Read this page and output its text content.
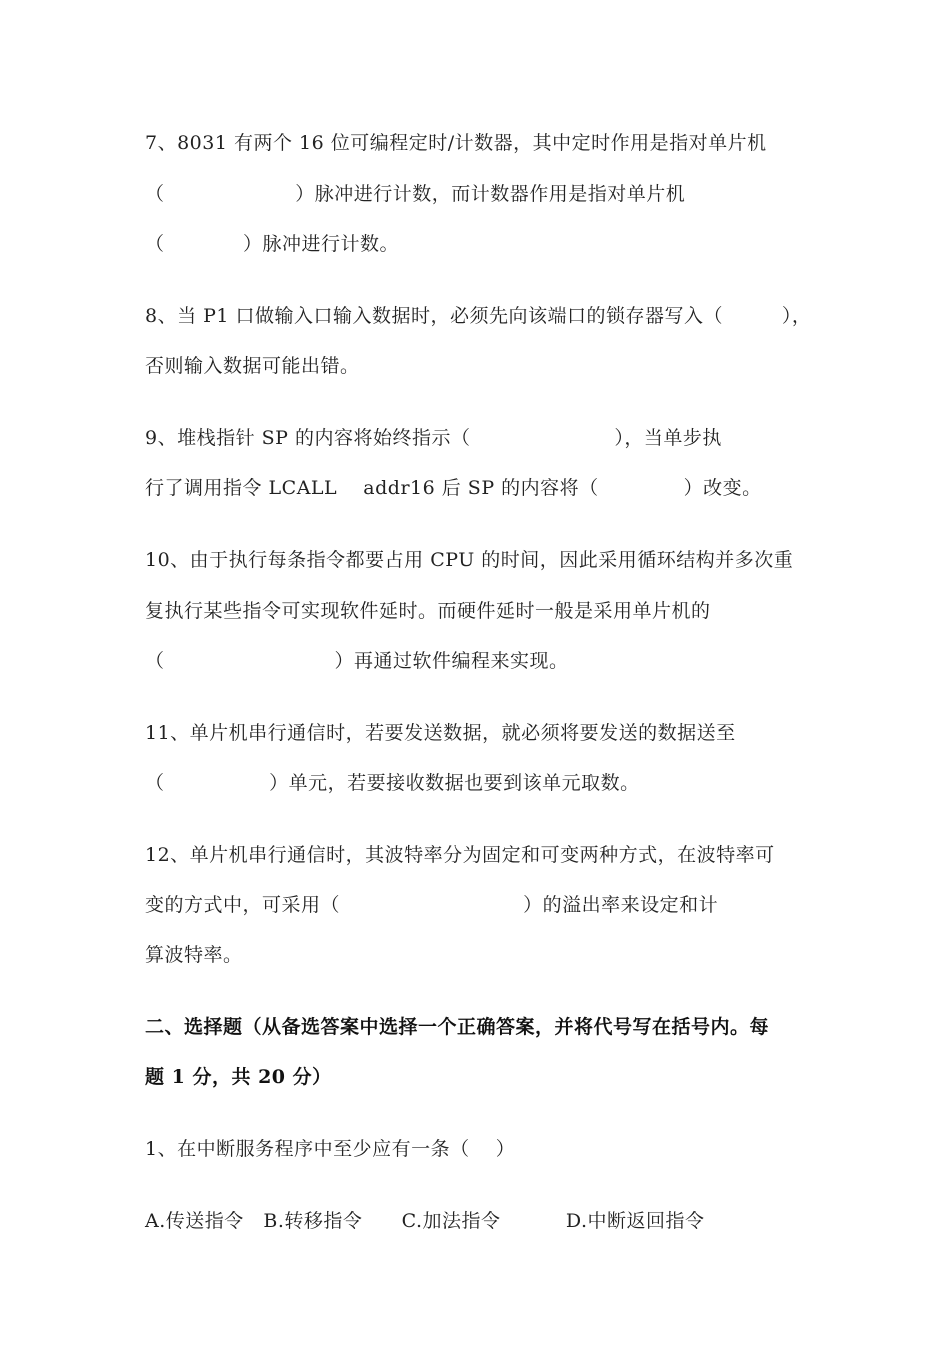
7、8031 有两个 16 位可编程定时/计数器，其中定时作用是指对单片机
（                    ）脉冲进行计数，而计数器作用是指对单片机
（            ）脉冲进行计数。
8、当 P1 口做输入口输入数据时，必须先向该端口的锁存器写入（         ），
否则输入数据可能出错。
9、堆栈指针 SP 的内容将始终指示（                      ），当单步执
行了调用指令 LCALL    addr16 后 SP 的内容将（             ）改变。
10、由于执行每条指令都要占用 CPU 的时间，因此采用循环结构并多次重
复执行某些指令可实现软件延时。而硬件延时一般是采用单片机的
（                          ）再通过软件编程来实现。
11、单片机串行通信时，若要发送数据，就必须将要发送的数据送至
（                ）单元，若要接收数据也要到该单元取数。
12、单片机串行通信时，其波特率分为固定和可变两种方式，在波特率可
变的方式中，可采用（                            ）的溢出率来设定和计
算波特率。
二、选择题（从备选答案中选择一个正确答案，并将代号写在括号内。每
题 1 分，共 20 分）
1、在中断服务程序中至少应有一条（    ）
A.传送指令   B.转移指令      C.加法指令          D.中断返回指令
